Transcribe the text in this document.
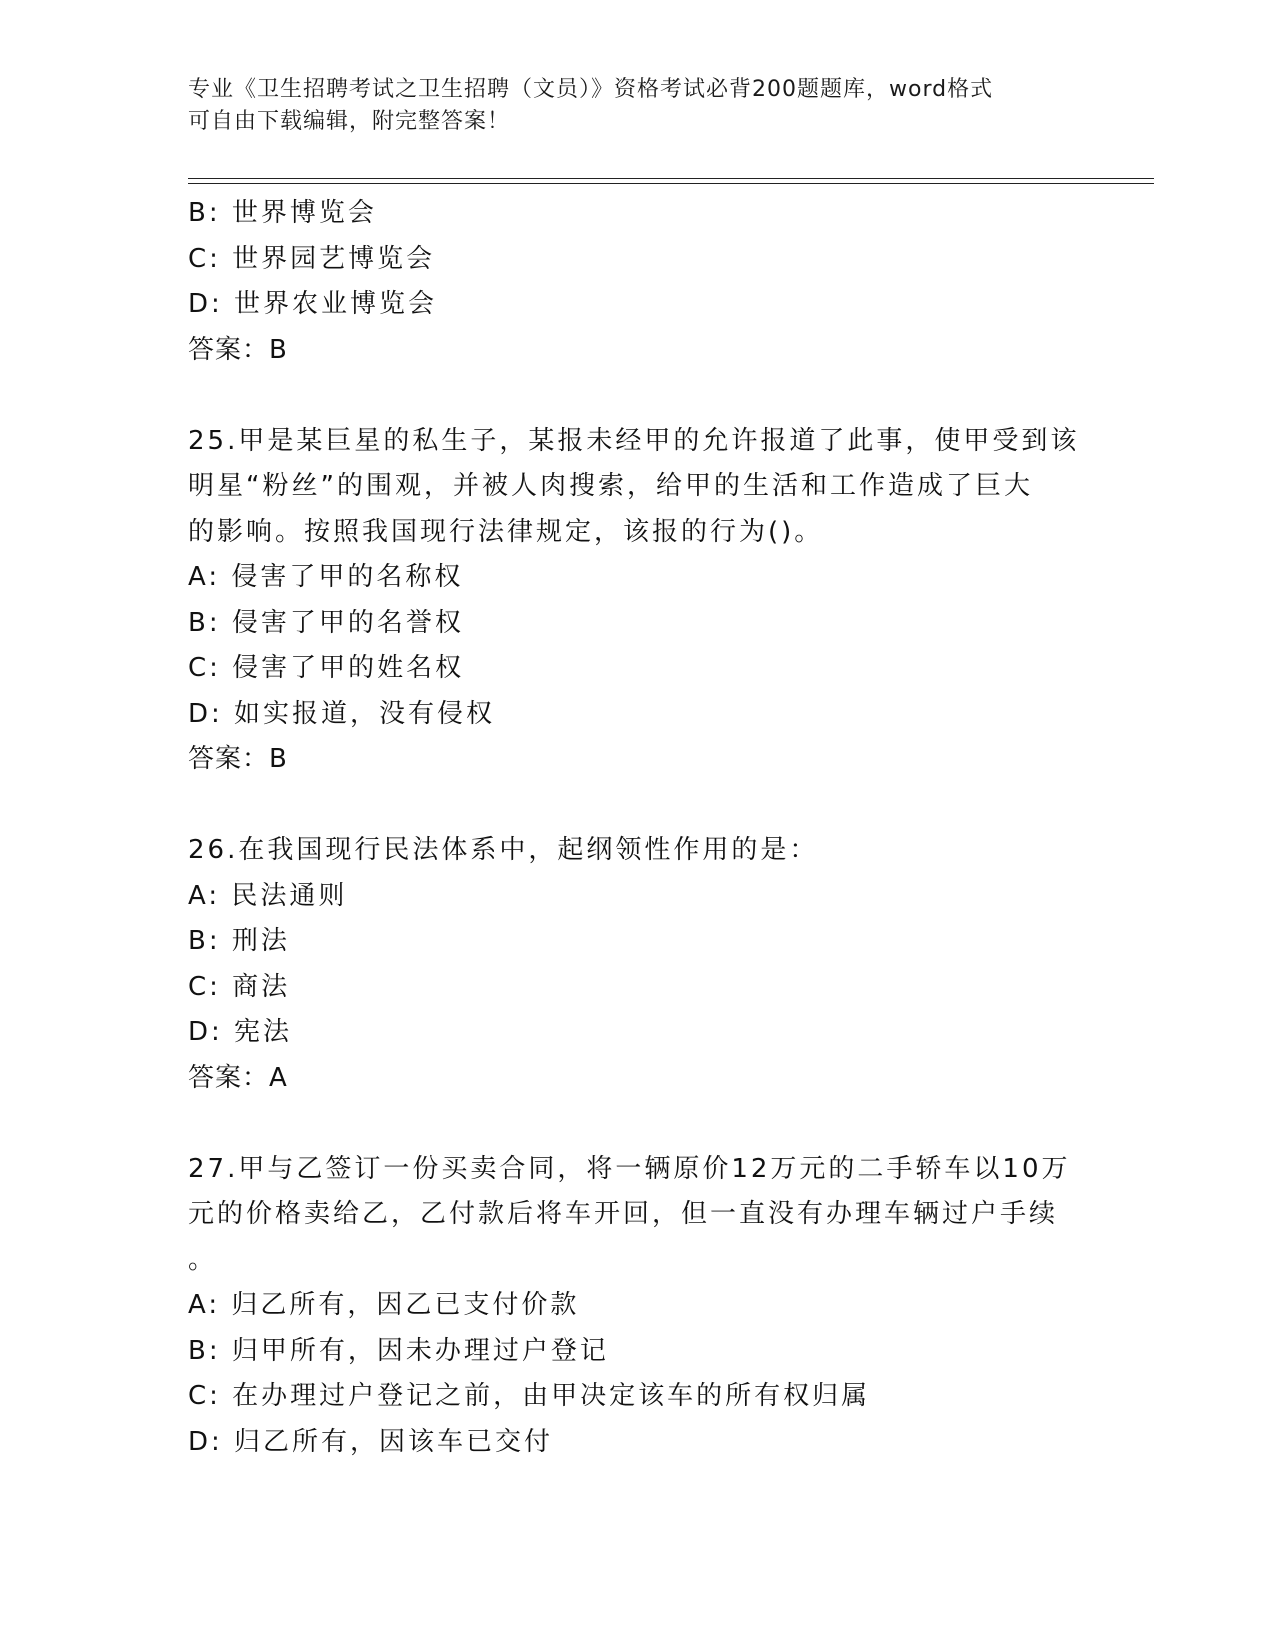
专业《卫生招聘考试之卫生招聘（文员）》资格考试必背200题题库，word格式
可自由下载编辑，附完整答案！
B: 世界博览会
C: 世界园艺博览会
D: 世界农业博览会
答案：B
25.甲是某巨星的私生子，某报未经甲的允许报道了此事，使甲受到该
明星“粉丝”的围观，并被人肉搜索，给甲的生活和工作造成了巨大
的影响。按照我国现行法律规定，该报的行为()。
A: 侵害了甲的名称权
B: 侵害了甲的名誉权
C: 侵害了甲的姓名权
D: 如实报道，没有侵权
答案：B
26.在我国现行民法体系中，起纲领性作用的是：
A: 民法通则
B: 刑法
C: 商法
D: 宪法
答案：A
27.甲与乙签订一份买卖合同，将一辆原价12万元的二手轿车以10万
元的价格卖给乙，乙付款后将车开回，但一直没有办理车辆过户手续
。
A: 归乙所有，因乙已支付价款
B: 归甲所有，因未办理过户登记
C: 在办理过户登记之前，由甲决定该车的所有权归属
D: 归乙所有，因该车已交付
